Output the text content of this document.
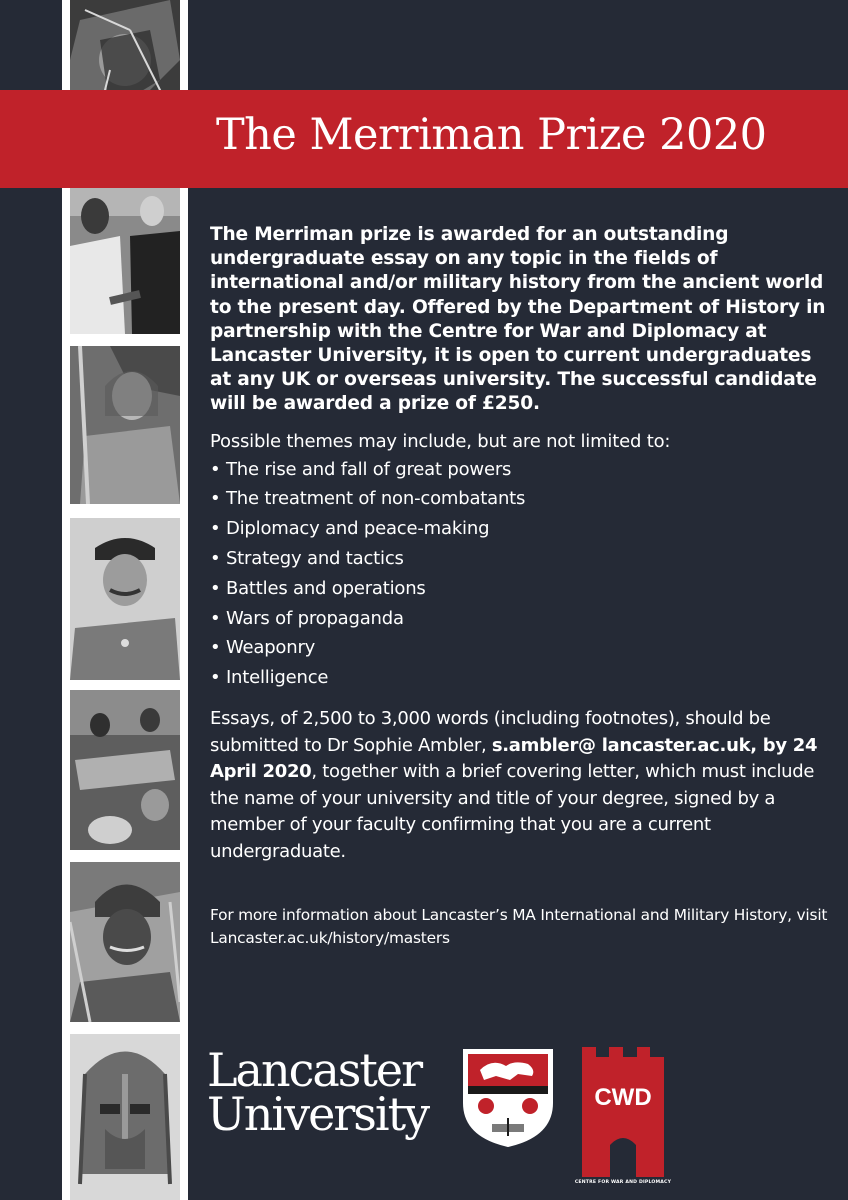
The Merriman Prize 2020

The Merriman prize is awarded for an outstanding undergraduate essay on any topic in the fields of international and/or military history from the ancient world to the present day. Offered by the Department of History in partnership with the Centre for War and Diplomacy at Lancaster University, it is open to current undergraduates at any UK or overseas university. The successful candidate will be awarded a prize of £250.

Possible themes may include, but are not limited to:

• The rise and fall of great powers
• The treatment of non-combatants
• Diplomacy and peace-making
• Strategy and tactics
• Battles and operations
• Wars of propaganda
• Weaponry
• Intelligence

Essays, of 2,500 to 3,000 words (including footnotes), should be submitted to Dr Sophie Ambler, s.ambler@ lancaster.ac.uk, by 24 April 2020, together with a brief covering letter, which must include the name of your university and title of your degree, signed by a member of your faculty confirming that you are a current undergraduate.

For more information about Lancaster’s MA International and Military History, visit Lancaster.ac.uk/history/masters

Lancaster
University	CWD
CENTRE FOR WAR AND DIPLOMACY
